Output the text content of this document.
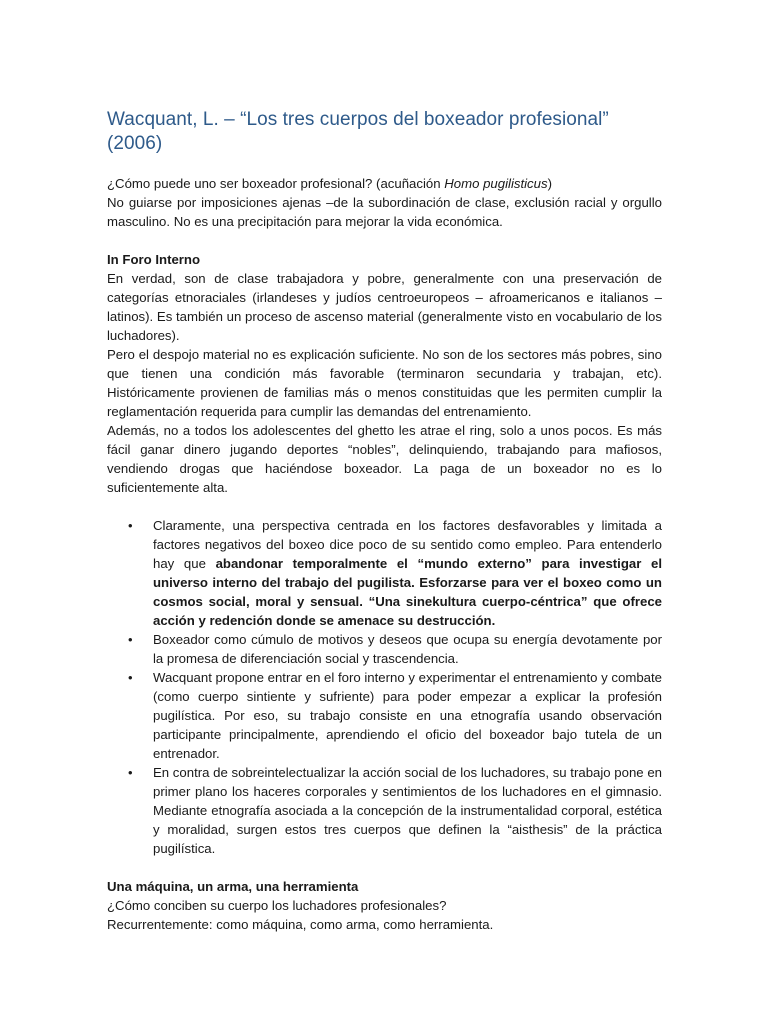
Wacquant, L. – “Los tres cuerpos del boxeador profesional” (2006)

¿Cómo puede uno ser boxeador profesional? (acuñación Homo pugilisticus)

No guiarse por imposiciones ajenas –de la subordinación de clase, exclusión racial y orgullo masculino. No es una precipitación para mejorar la vida económica.

In Foro Interno

En verdad, son de clase trabajadora y pobre, generalmente con una preservación de categorías etnoraciales (irlandeses y judíos centroeuropeos – afroamericanos e italianos – latinos). Es también un proceso de ascenso material (generalmente visto en vocabulario de los luchadores).

Pero el despojo material no es explicación suficiente. No son de los sectores más pobres, sino que tienen una condición más favorable (terminaron secundaria y trabajan, etc). Históricamente provienen de familias más o menos constituidas que les permiten cumplir la reglamentación requerida para cumplir las demandas del entrenamiento.

Además, no a todos los adolescentes del ghetto les atrae el ring, solo a unos pocos. Es más fácil ganar dinero jugando deportes “nobles”, delinquiendo, trabajando para mafiosos, vendiendo drogas que haciéndose boxeador. La paga de un boxeador no es lo suficientemente alta.

• Claramente, una perspectiva centrada en los factores desfavorables y limitada a factores negativos del boxeo dice poco de su sentido como empleo. Para entenderlo hay que abandonar temporalmente el “mundo externo” para investigar el universo interno del trabajo del pugilista. Esforzarse para ver el boxeo como un cosmos social, moral y sensual. “Una sinekultura cuerpo-céntrica” que ofrece acción y redención donde se amenace su destrucción.
• Boxeador como cúmulo de motivos y deseos que ocupa su energía devotamente por la promesa de diferenciación social y trascendencia.
• Wacquant propone entrar en el foro interno y experimentar el entrenamiento y combate (como cuerpo sintiente y sufriente) para poder empezar a explicar la profesión pugilística. Por eso, su trabajo consiste en una etnografía usando observación participante principalmente, aprendiendo el oficio del boxeador bajo tutela de un entrenador.
• En contra de sobreintelectualizar la acción social de los luchadores, su trabajo pone en primer plano los haceres corporales y sentimientos de los luchadores en el gimnasio. Mediante etnografía asociada a la concepción de la instrumentalidad corporal, estética y moralidad, surgen estos tres cuerpos que definen la “aisthesis” de la práctica pugilística.

Una máquina, un arma, una herramienta

¿Cómo conciben su cuerpo los luchadores profesionales?

Recurrentemente: como máquina, como arma, como herramienta.
